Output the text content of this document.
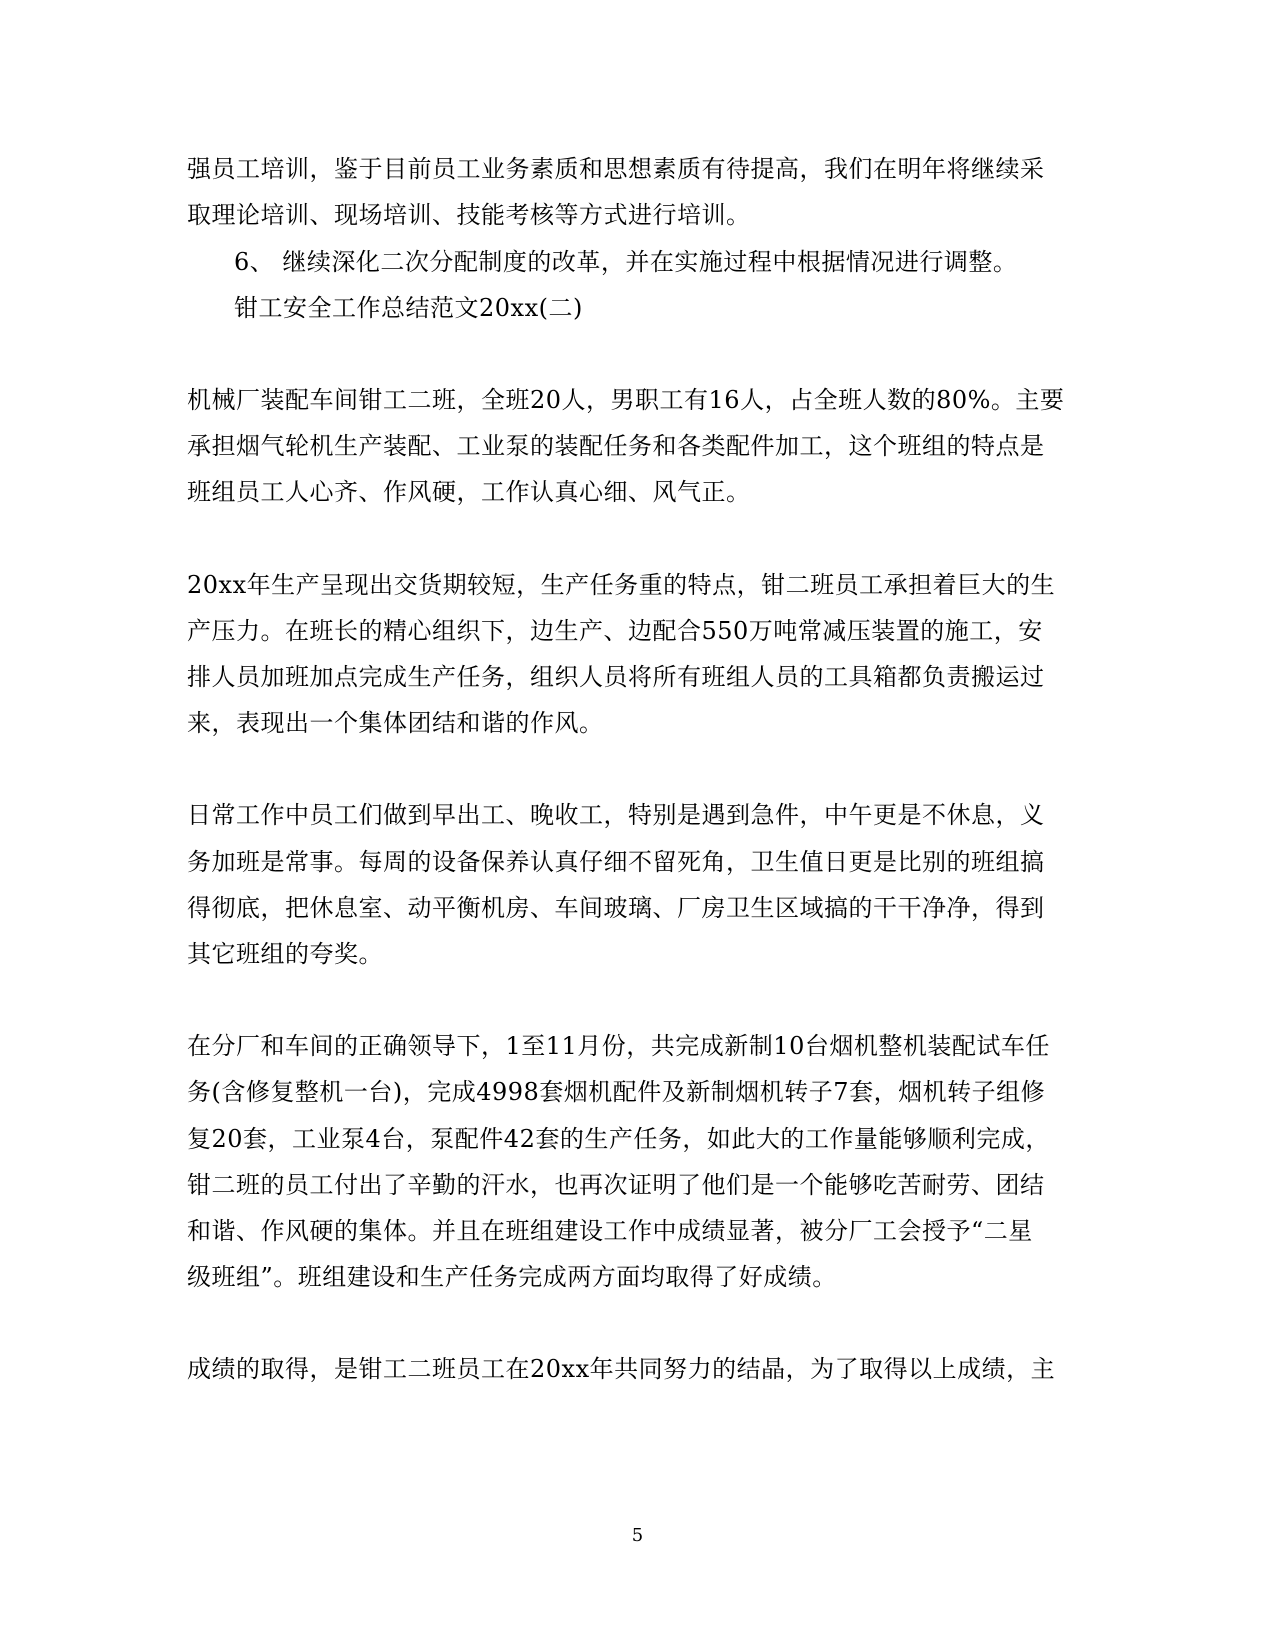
强员工培训，鉴于目前员工业务素质和思想素质有待提高，我们在明年将继续采
取理论培训、现场培训、技能考核等方式进行培训。
6、 继续深化二次分配制度的改革，并在实施过程中根据情况进行调整。
钳工安全工作总结范文20xx(二)
机械厂装配车间钳工二班，全班20人，男职工有16人，占全班人数的80%。主要
承担烟气轮机生产装配、工业泵的装配任务和各类配件加工，这个班组的特点是
班组员工人心齐、作风硬，工作认真心细、风气正。
20xx年生产呈现出交货期较短，生产任务重的特点，钳二班员工承担着巨大的生
产压力。在班长的精心组织下，边生产、边配合550万吨常减压装置的施工，安
排人员加班加点完成生产任务，组织人员将所有班组人员的工具箱都负责搬运过
来，表现出一个集体团结和谐的作风。
日常工作中员工们做到早出工、晚收工，特别是遇到急件，中午更是不休息，义
务加班是常事。每周的设备保养认真仔细不留死角，卫生值日更是比别的班组搞
得彻底，把休息室、动平衡机房、车间玻璃、厂房卫生区域搞的干干净净，得到
其它班组的夸奖。
在分厂和车间的正确领导下，1至11月份，共完成新制10台烟机整机装配试车任
务(含修复整机一台)，完成4998套烟机配件及新制烟机转子7套，烟机转子组修
复20套，工业泵4台，泵配件42套的生产任务，如此大的工作量能够顺利完成，
钳二班的员工付出了辛勤的汗水，也再次证明了他们是一个能够吃苦耐劳、团结
和谐、作风硬的集体。并且在班组建设工作中成绩显著，被分厂工会授予“二星
级班组”。班组建设和生产任务完成两方面均取得了好成绩。
成绩的取得，是钳工二班员工在20xx年共同努力的结晶，为了取得以上成绩，主
5
